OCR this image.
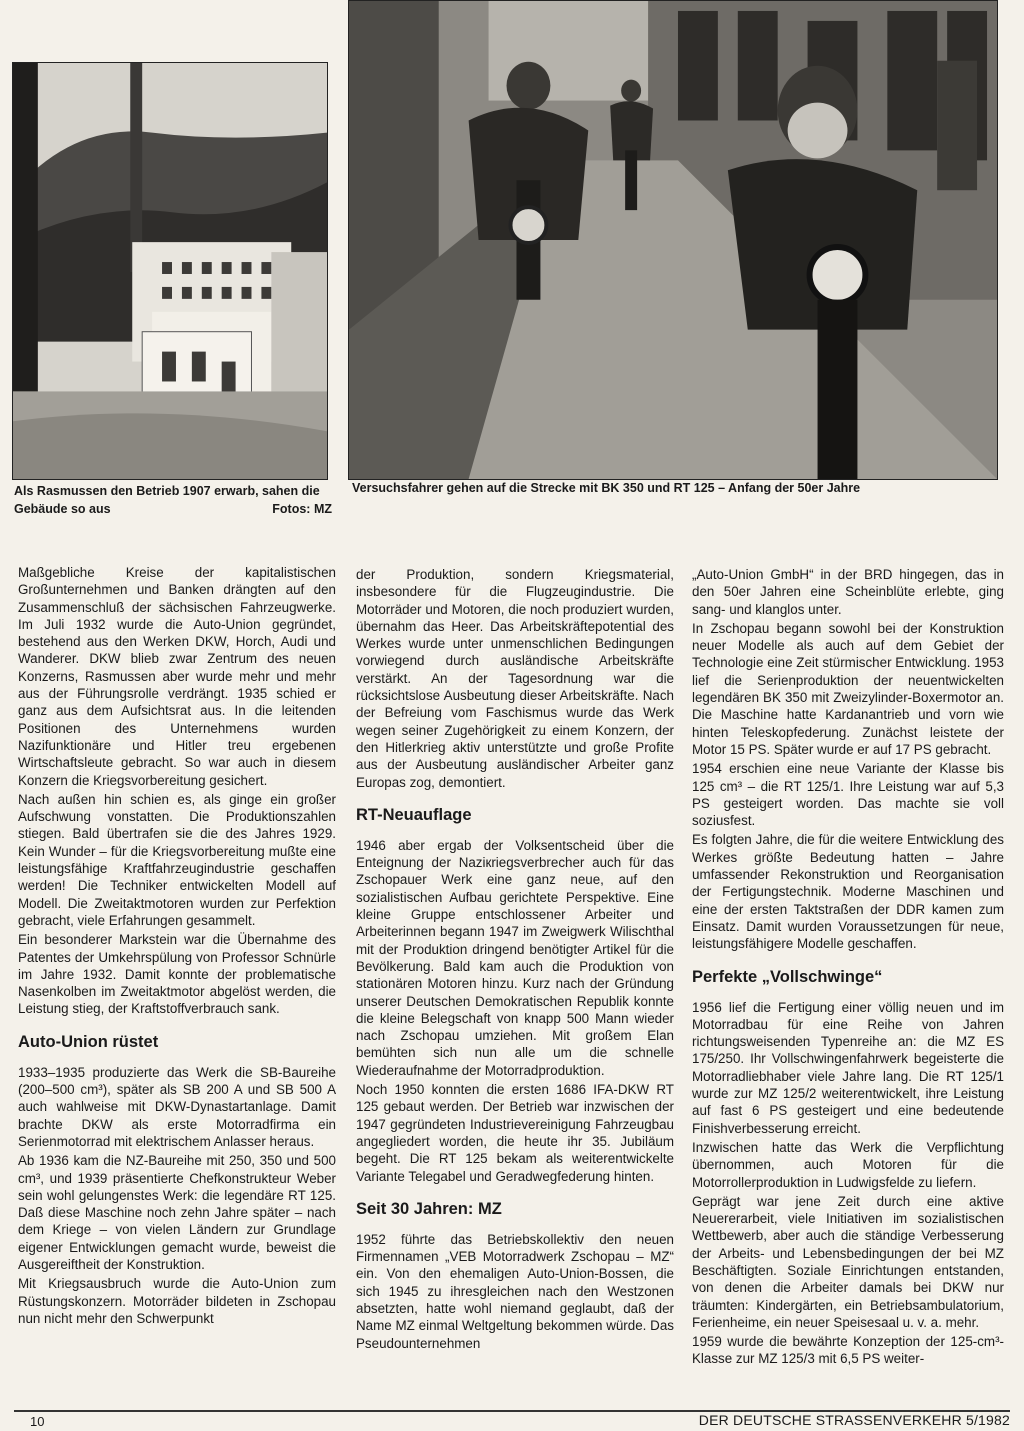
Als Rasmussen den Betrieb 1907 erwarb, sahen die Gebäude so aus	Fotos: MZ
Versuchsfahrer gehen auf die Strecke mit BK 350 und RT 125 – Anfang der 50er Jahre

Maßgebliche Kreise der kapitalistischen Großunternehmen und Banken drängten auf den Zusammenschluß der sächsischen Fahrzeugwerke. Im Juli 1932 wurde die Auto-Union gegründet, bestehend aus den Werken DKW, Horch, Audi und Wanderer. DKW blieb zwar Zentrum des neuen Konzerns, Rasmussen aber wurde mehr und mehr aus der Führungsrolle verdrängt. 1935 schied er ganz aus dem Aufsichtsrat aus. In die leitenden Positionen des Unternehmens wurden Nazifunktionäre und Hitler treu ergebenen Wirtschaftsleute gebracht. So war auch in diesem Konzern die Kriegsvorbereitung gesichert.

Nach außen hin schien es, als ginge ein großer Aufschwung vonstatten. Die Produktionszahlen stiegen. Bald übertrafen sie die des Jahres 1929. Kein Wunder – für die Kriegsvorbereitung mußte eine leistungsfähige Kraftfahrzeugindustrie geschaffen werden! Die Techniker entwickelten Modell auf Modell. Die Zweitaktmotoren wurden zur Perfektion gebracht, viele Erfahrungen gesammelt.

Ein besonderer Markstein war die Übernahme des Patentes der Umkehrspülung von Professor Schnürle im Jahre 1932. Damit konnte der problematische Nasenkolben im Zweitaktmotor abgelöst werden, die Leistung stieg, der Kraftstoffverbrauch sank.

Auto-Union rüstet

1933–1935 produzierte das Werk die SB-Baureihe (200–500 cm³), später als SB 200 A und SB 500 A auch wahlweise mit DKW-Dynastartanlage. Damit brachte DKW als erste Motorradfirma ein Serienmotorrad mit elektrischem Anlasser heraus.

Ab 1936 kam die NZ-Baureihe mit 250, 350 und 500 cm³, und 1939 präsentierte Chefkonstrukteur Weber sein wohl gelungenstes Werk: die legendäre RT 125. Daß diese Maschine noch zehn Jahre später – nach dem Kriege – von vielen Ländern zur Grundlage eigener Entwicklungen gemacht wurde, beweist die Ausgereiftheit der Konstruktion.

Mit Kriegsausbruch wurde die Auto-Union zum Rüstungskonzern. Motorräder bildeten in Zschopau nun nicht mehr den Schwerpunkt

der Produktion, sondern Kriegsmaterial, insbesondere für die Flugzeugindustrie. Die Motorräder und Motoren, die noch produziert wurden, übernahm das Heer. Das Arbeitskräftepotential des Werkes wurde unter unmenschlichen Bedingungen vorwiegend durch ausländische Arbeitskräfte verstärkt. An der Tagesordnung war die rücksichtslose Ausbeutung dieser Arbeitskräfte. Nach der Befreiung vom Faschismus wurde das Werk wegen seiner Zugehörigkeit zu einem Konzern, der den Hitlerkrieg aktiv unterstützte und große Profite aus der Ausbeutung ausländischer Arbeiter ganz Europas zog, demontiert.

RT-Neuauflage

1946 aber ergab der Volksentscheid über die Enteignung der Naziкriegsverbrecher auch für das Zschopauer Werk eine ganz neue, auf den sozialistischen Aufbau gerichtete Perspektive. Eine kleine Gruppe entschlossener Arbeiter und Arbeiterinnen begann 1947 im Zweigwerk Wilischthal mit der Produktion dringend benötigter Artikel für die Bevölkerung. Bald kam auch die Produktion von stationären Motoren hinzu. Kurz nach der Gründung unserer Deutschen Demokratischen Republik konnte die kleine Belegschaft von knapp 500 Mann wieder nach Zschopau umziehen. Mit großem Elan bemühten sich nun alle um die schnelle Wiederaufnahme der Motorradproduktion.

Noch 1950 konnten die ersten 1686 IFA-DKW RT 125 gebaut werden. Der Betrieb war inzwischen der 1947 gegründeten Industrievereinigung Fahrzeugbau angegliedert worden, die heute ihr 35. Jubiläum begeht. Die RT 125 bekam als weiterentwickelte Variante Telegabel und Geradwegfederung hinten.

Seit 30 Jahren: MZ

1952 führte das Betriebskollektiv den neuen Firmennamen „VEB Motorradwerk Zschopau – MZ“ ein. Von den ehemaligen Auto-Union-Bossen, die sich 1945 zu ihresgleichen nach den Westzonen absetzten, hatte wohl niemand geglaubt, daß der Name MZ einmal Weltgeltung bekommen würde. Das Pseudounternehmen

„Auto-Union GmbH“ in der BRD hingegen, das in den 50er Jahren eine Scheinblüte erlebte, ging sang- und klanglos unter.

In Zschopau begann sowohl bei der Konstruktion neuer Modelle als auch auf dem Gebiet der Technologie eine Zeit stürmischer Entwicklung. 1953 lief die Serienproduktion der neuentwickelten legendären BK 350 mit Zweizylinder-Boxermotor an. Die Maschine hatte Kardanantrieb und vorn wie hinten Teleskopfederung. Zunächst leistete der Motor 15 PS. Später wurde er auf 17 PS gebracht.

1954 erschien eine neue Variante der Klasse bis 125 cm³ – die RT 125/1. Ihre Leistung war auf 5,3 PS gesteigert worden. Das machte sie voll soziusfest.

Es folgten Jahre, die für die weitere Entwicklung des Werkes größte Bedeutung hatten – Jahre umfassender Rekonstruktion und Reorganisation der Fertigungstechnik. Moderne Maschinen und eine der ersten Taktstraßen der DDR kamen zum Einsatz. Damit wurden Voraussetzungen für neue, leistungsfähigere Modelle geschaffen.

Perfekte „Vollschwinge“

1956 lief die Fertigung einer völlig neuen und im Motorradbau für eine Reihe von Jahren richtungsweisenden Typenreihe an: die MZ ES 175/250. Ihr Vollschwingenfahrwerk begeisterte die Motorradliebhaber viele Jahre lang. Die RT 125/1 wurde zur MZ 125/2 weiterentwickelt, ihre Leistung auf fast 6 PS gesteigert und eine bedeutende Finishverbesserung erreicht.

Inzwischen hatte das Werk die Verpflichtung übernommen, auch Motoren für die Motorrollerproduktion in Ludwigsfelde zu liefern.

Geprägt war jene Zeit durch eine aktive Neuererarbeit, viele Initiativen im sozialistischen Wettbewerb, aber auch die ständige Verbesserung der Arbeits- und Lebensbedingungen der bei MZ Beschäftigten. Soziale Einrichtungen entstanden, von denen die Arbeiter damals bei DKW nur träumten: Kindergärten, ein Betriebsambulatorium, Ferienheime, ein neuer Speisesaal u. v. a. mehr.

1959 wurde die bewährte Konzeption der 125-cm³-Klasse zur MZ 125/3 mit 6,5 PS weiter-

10	DER DEUTSCHE STRASSENVERKEHR 5/1982
